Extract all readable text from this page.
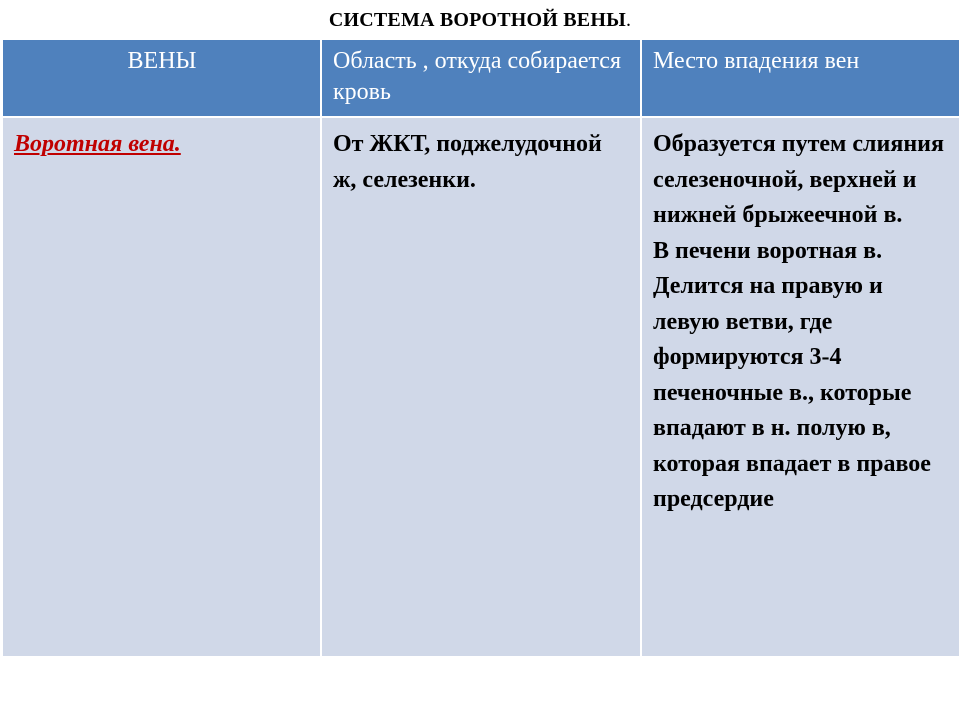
СИСТЕМА ВОРОТНОЙ ВЕНЫ.
ВЕНЫ	Область , откуда собирается кровь	Место впадения вен
Воротная вена.	От ЖКТ, поджелудочной ж, селезенки.	Образуется путем слияния селезеночной, верхней и нижней брыжеечной в.
В печени воротная в. Делится на правую и левую ветви, где формируются 3-4 печеночные в., которые впадают в н. полую в, которая впадает в правое предсердие
